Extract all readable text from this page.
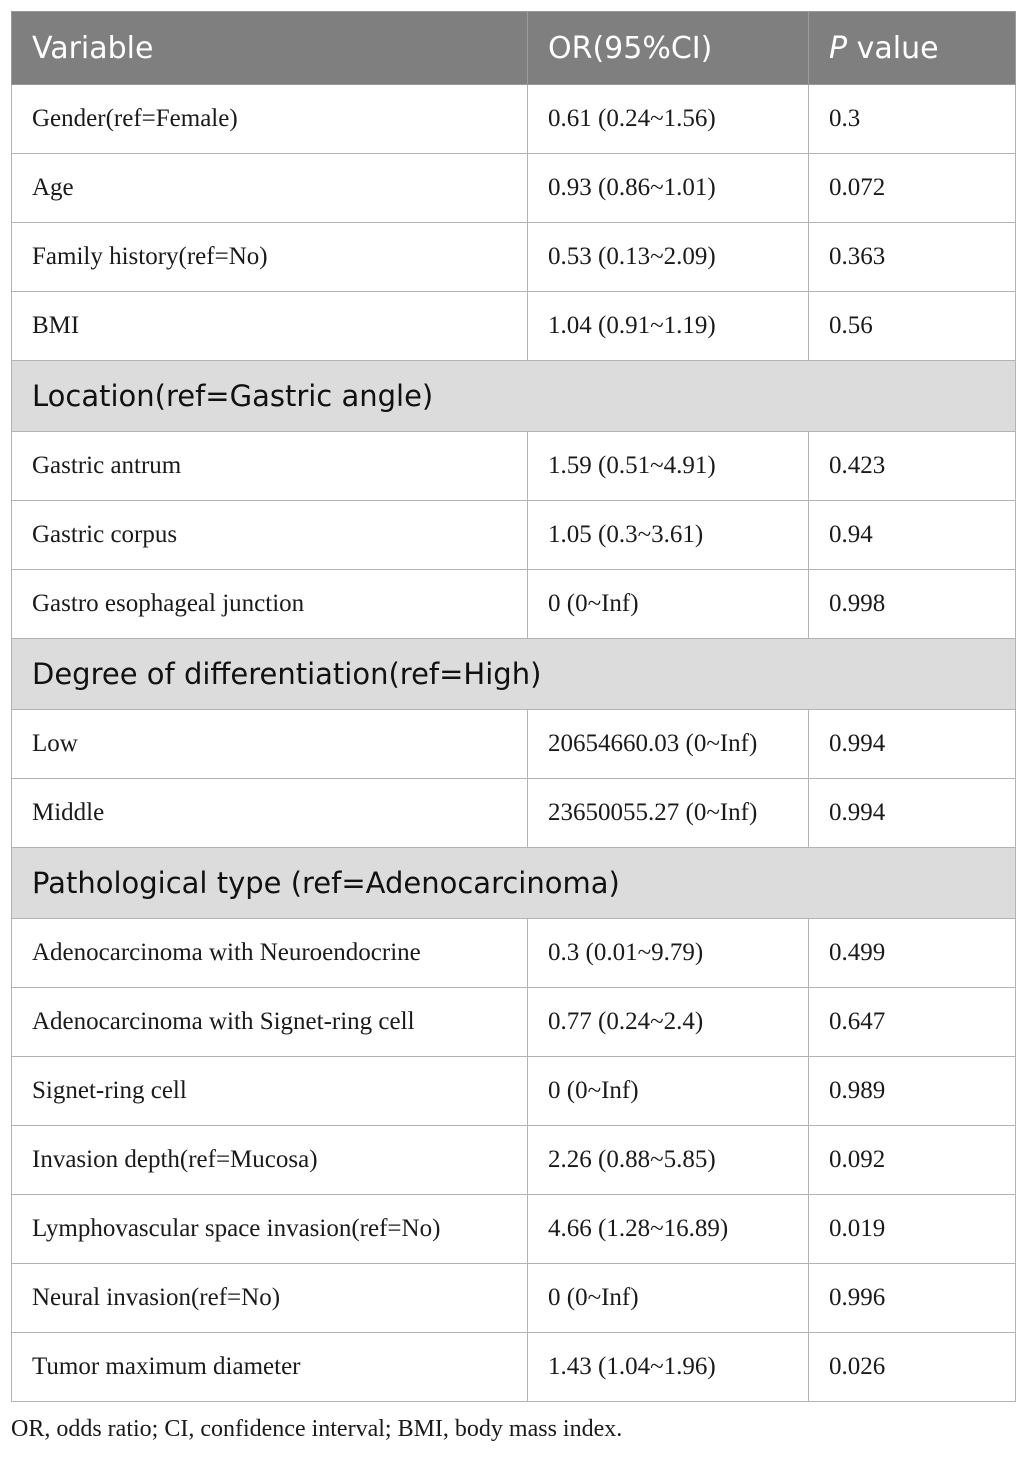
Variable	OR(95%CI)	P value
Gender(ref=Female)	0.61 (0.24~1.56)	0.3
Age	0.93 (0.86~1.01)	0.072
Family history(ref=No)	0.53 (0.13~2.09)	0.363
BMI	1.04 (0.91~1.19)	0.56
Location(ref=Gastric angle)		
Gastric antrum	1.59 (0.51~4.91)	0.423
Gastric corpus	1.05 (0.3~3.61)	0.94
Gastro esophageal junction	0 (0~Inf)	0.998
Degree of differentiation(ref=High)		
Low	20654660.03 (0~Inf)	0.994
Middle	23650055.27 (0~Inf)	0.994
Pathological type (ref=Adenocarcinoma)		
Adenocarcinoma with Neuroendocrine	0.3 (0.01~9.79)	0.499
Adenocarcinoma with Signet-ring cell	0.77 (0.24~2.4)	0.647
Signet-ring cell	0 (0~Inf)	0.989
Invasion depth(ref=Mucosa)	2.26 (0.88~5.85)	0.092
Lymphovascular space invasion(ref=No)	4.66 (1.28~16.89)	0.019
Neural invasion(ref=No)	0 (0~Inf)	0.996
Tumor maximum diameter	1.43 (1.04~1.96)	0.026
OR, odds ratio; CI, confidence interval; BMI, body mass index.
